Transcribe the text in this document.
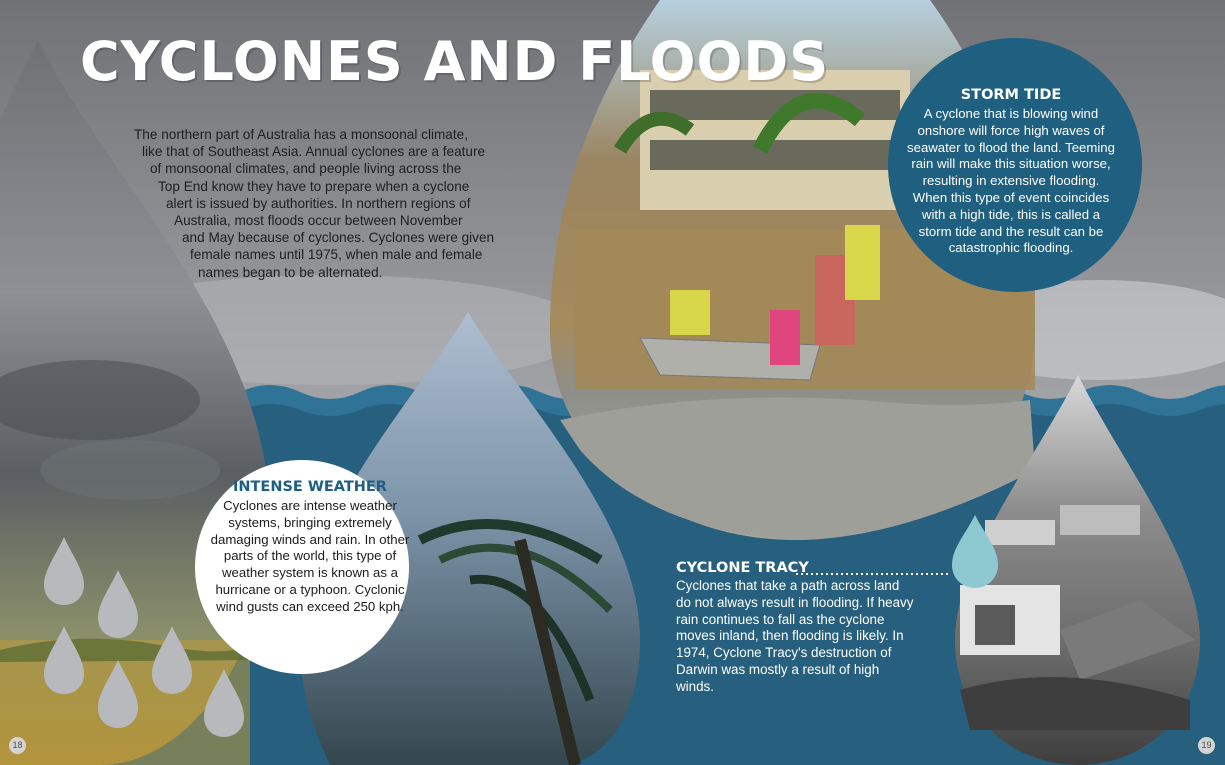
CYCLONES AND FLOODS
The northern part of Australia has a monsoonal climate,
like that of Southeast Asia. Annual cyclones are a feature
of monsoonal climates, and people living across the
Top End know they have to prepare when a cyclone
alert is issued by authorities. In northern regions of
Australia, most floods occur between November
and May because of cyclones. Cyclones were given
female names until 1975, when male and female
names began to be alternated.
STORM TIDE

A cyclone that is blowing wind onshore will force high waves of seawater to flood the land. Teeming rain will make this situation worse, resulting in extensive flooding. When this type of event coincides with a high tide, this is called a storm tide and the result can be catastrophic flooding.

INTENSE WEATHER

Cyclones are intense weather systems, bringing extremely damaging winds and rain. In other parts of the world, this type of weather system is known as a hurricane or a typhoon. Cyclonic wind gusts can exceed 250 kph.

CYCLONE TRACY

Cyclones that take a path across land do not always result in flooding. If heavy rain continues to fall as the cyclone moves inland, then flooding is likely. In 1974, Cyclone Tracy's destruction of Darwin was mostly a result of high winds.

18	19
